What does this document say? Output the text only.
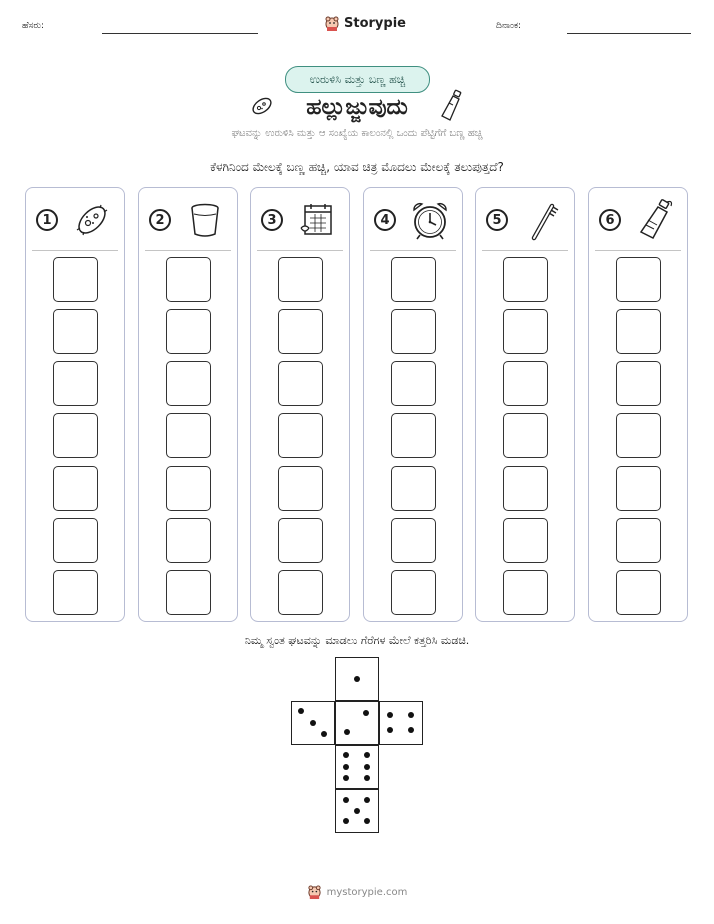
ಹೆಸರು:	Storypie	ದಿನಾಂಕ:
ಉರುಳಿಸಿ ಮತ್ತು ಬಣ್ಣ ಹಚ್ಚಿ
ಹಲ್ಲುಜ್ಜುವುದು
ಘಟವನ್ನು ಉರುಳಿಸಿ ಮತ್ತು ಆ ಸಂಖ್ಯೆಯ ಕಾಲಂನಲ್ಲಿ ಒಂದು ಪೆಟ್ಟಿಗೆಗೆ ಬಣ್ಣ ಹಚ್ಚಿ
ಕೆಳಗಿನಿಂದ ಮೇಲಕ್ಕೆ ಬಣ್ಣ ಹಚ್ಚಿ, ಯಾವ ಚಿತ್ರ ಮೊದಲು ಮೇಲಕ್ಕೆ ತಲುಪುತ್ತದೆ?
1	2	3	4	5	6
ನಿಮ್ಮ ಸ್ವಂತ ಘಟವನ್ನು ಮಾಡಲು ಗೆರೆಗಳ ಮೇಲೆ ಕತ್ತರಿಸಿ ಮಡಚಿ.
mystorypie.com
